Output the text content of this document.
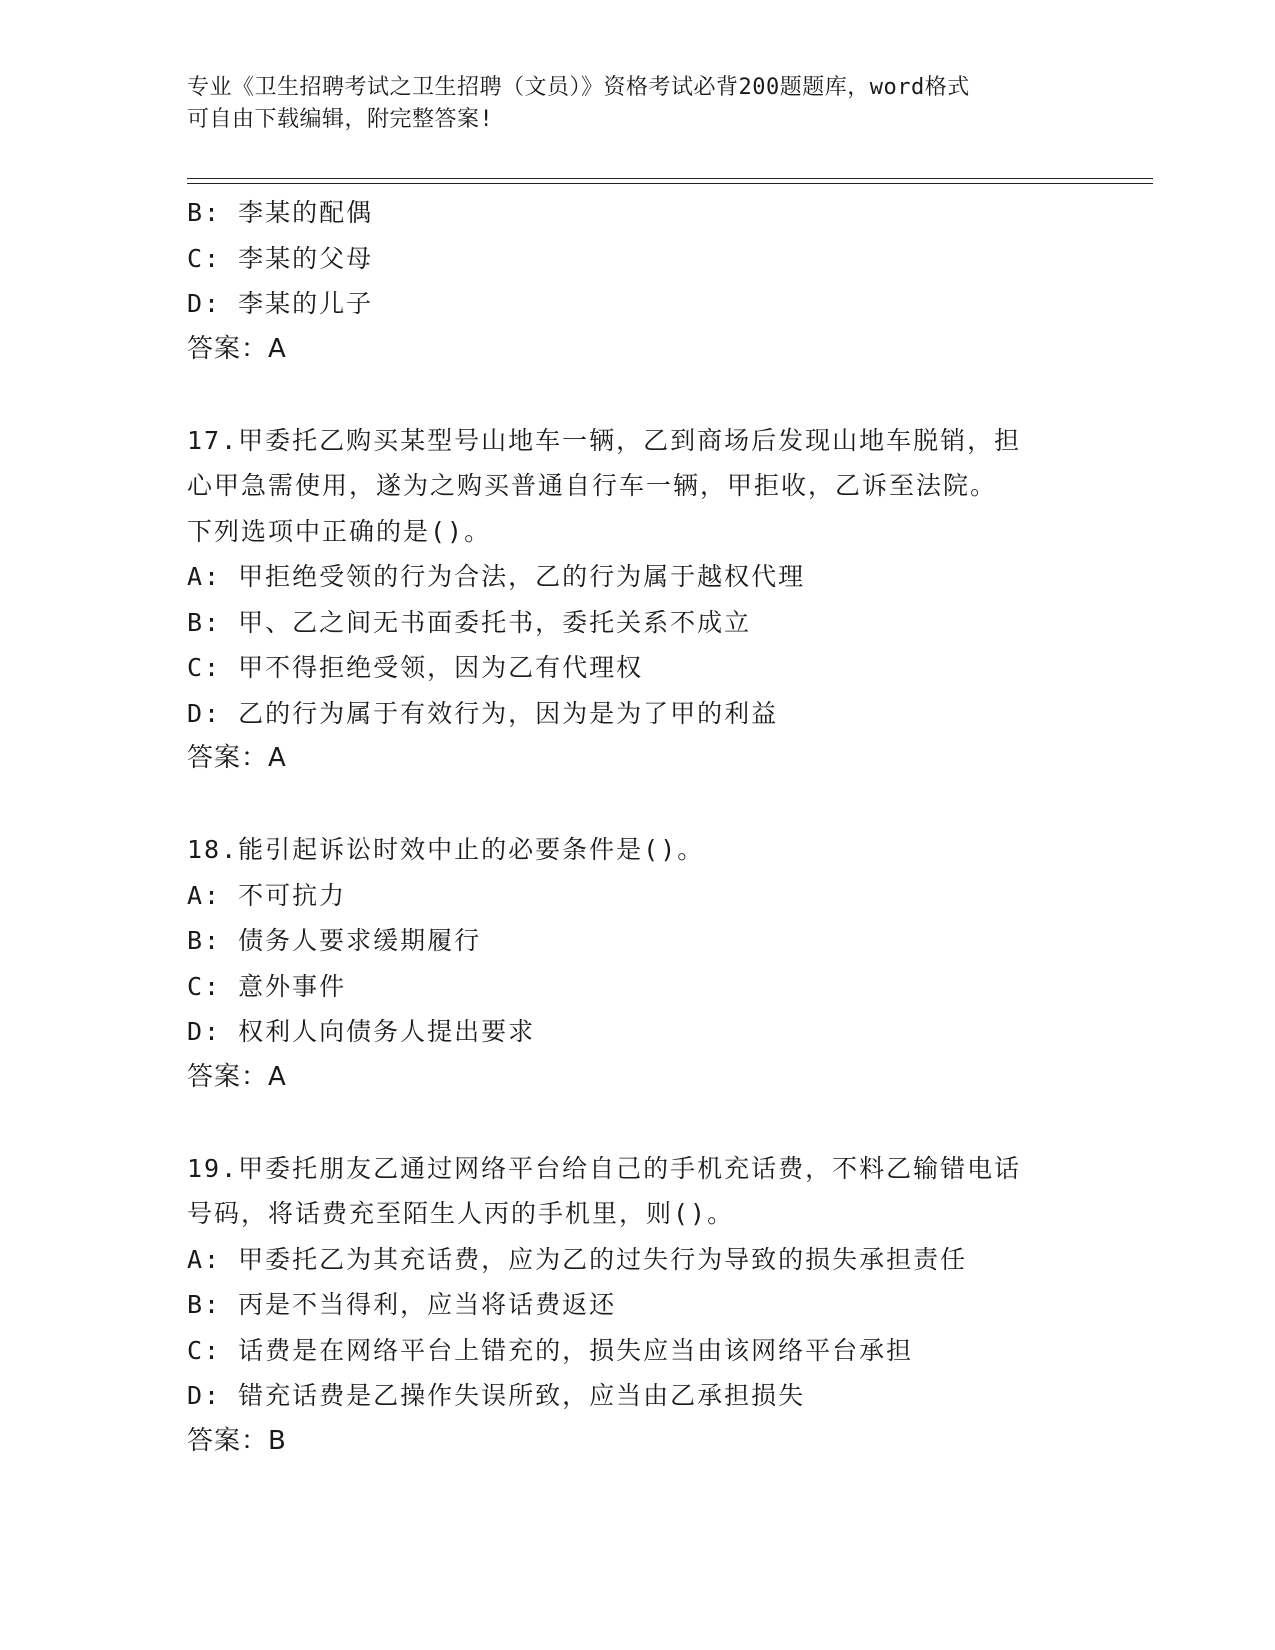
专业《卫生招聘考试之卫生招聘（文员）》资格考试必背200题题库，word格式
可自由下载编辑，附完整答案!
B: 李某的配偶
C: 李某的父母
D: 李某的儿子
答案：A
17.甲委托乙购买某型号山地车一辆，乙到商场后发现山地车脱销，担
心甲急需使用，遂为之购买普通自行车一辆，甲拒收，乙诉至法院。
下列选项中正确的是()。
A: 甲拒绝受领的行为合法，乙的行为属于越权代理
B: 甲、乙之间无书面委托书，委托关系不成立
C: 甲不得拒绝受领，因为乙有代理权
D: 乙的行为属于有效行为，因为是为了甲的利益
答案：A
18.能引起诉讼时效中止的必要条件是()。
A: 不可抗力
B: 债务人要求缓期履行
C: 意外事件
D: 权利人向债务人提出要求
答案：A
19.甲委托朋友乙通过网络平台给自己的手机充话费，不料乙输错电话
号码，将话费充至陌生人丙的手机里，则()。
A: 甲委托乙为其充话费，应为乙的过失行为导致的损失承担责任
B: 丙是不当得利，应当将话费返还
C: 话费是在网络平台上错充的，损失应当由该网络平台承担
D: 错充话费是乙操作失误所致，应当由乙承担损失
答案：B
